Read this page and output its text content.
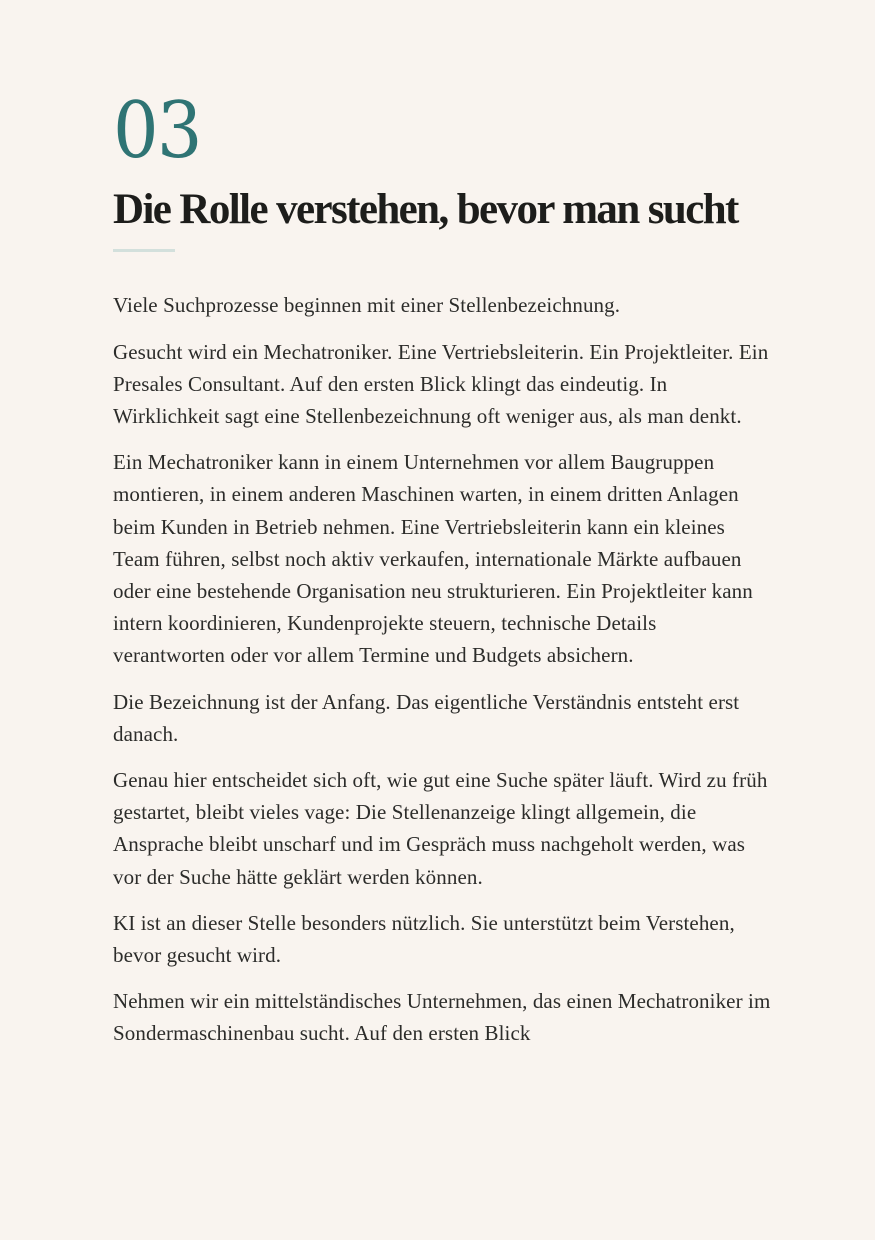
03
Die Rolle verstehen, bevor man sucht

Viele Suchprozesse beginnen mit einer Stellenbezeichnung.

Gesucht wird ein Mechatroniker. Eine Vertriebsleiterin. Ein Projektleiter. Ein Presales Consultant. Auf den ersten Blick klingt das eindeutig. In Wirklichkeit sagt eine Stellenbezeichnung oft weniger aus, als man denkt.

Ein Mechatroniker kann in einem Unternehmen vor allem Baugruppen montieren, in einem anderen Maschinen warten, in einem dritten Anlagen beim Kunden in Betrieb nehmen. Eine Vertriebsleiterin kann ein kleines Team führen, selbst noch aktiv verkaufen, internationale Märkte aufbauen oder eine bestehende Organisation neu strukturieren. Ein Projektleiter kann intern koordinieren, Kundenprojekte steuern, technische Details verantworten oder vor allem Termine und Budgets absichern.

Die Bezeichnung ist der Anfang. Das eigentliche Verständnis entsteht erst danach.

Genau hier entscheidet sich oft, wie gut eine Suche später läuft. Wird zu früh gestartet, bleibt vieles vage: Die Stellenanzeige klingt allgemein, die Ansprache bleibt unscharf und im Gespräch muss nachgeholt werden, was vor der Suche hätte geklärt werden können.

KI ist an dieser Stelle besonders nützlich. Sie unterstützt beim Verstehen, bevor gesucht wird.

Nehmen wir ein mittelständisches Unternehmen, das einen Mechatroniker im Sondermaschinenbau sucht. Auf den ersten Blick
